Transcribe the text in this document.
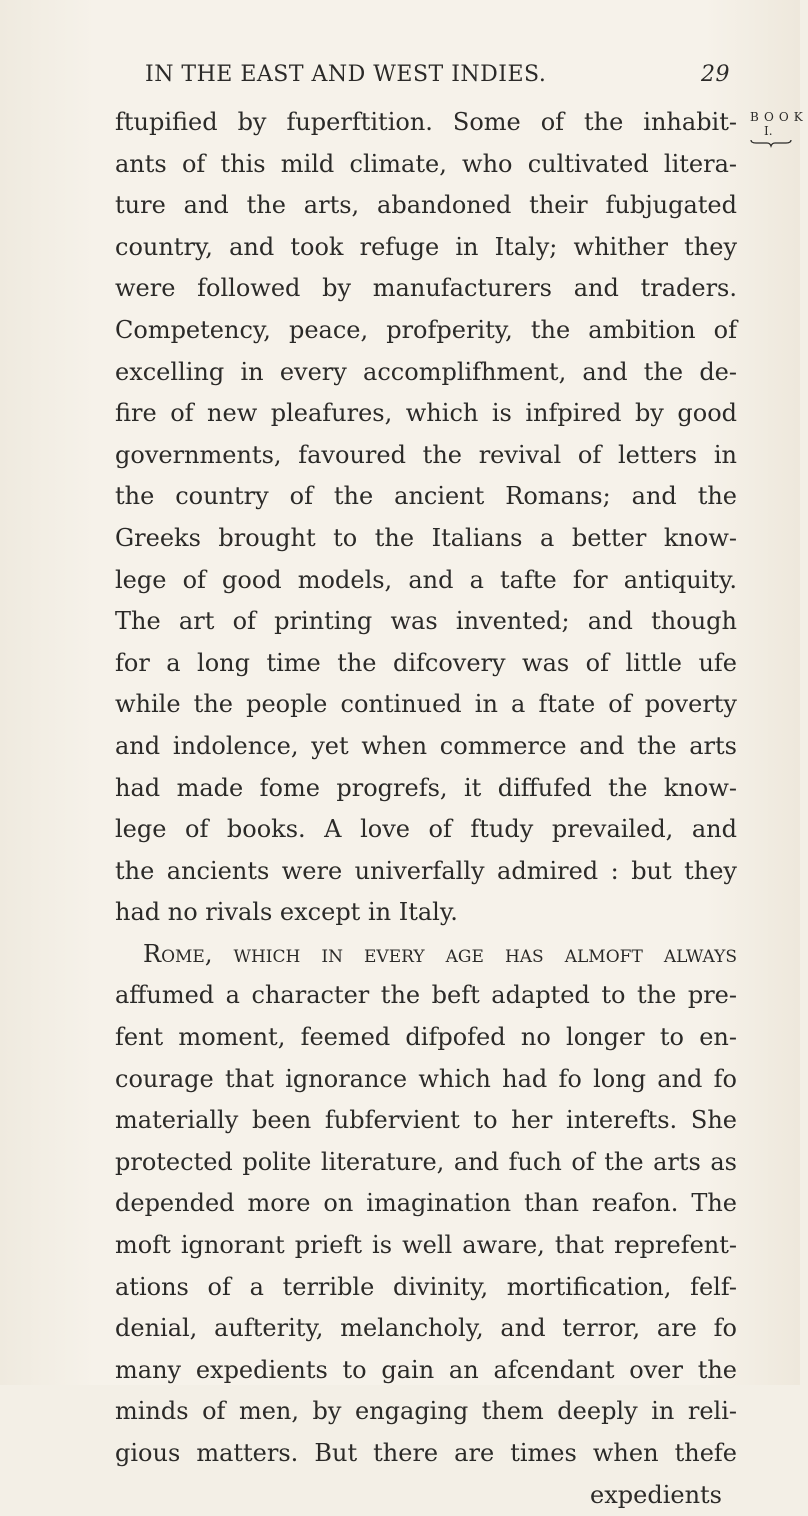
IN THE EAST AND WEST INDIES.	29
BOOK
I.
ftupified by fuperftition. Some of the inhabit-
ants of this mild climate, who cultivated litera-
ture and the arts, abandoned their fubjugated
country, and took refuge in Italy; whither they
were followed by manufacturers and traders.
Competency, peace, profperity, the ambition of
excelling in every accomplifhment, and the de-
fire of new pleafures, which is infpired by good
governments, favoured the revival of letters in
the country of the ancient Romans; and the
Greeks brought to the Italians a better know-
lege of good models, and a tafte for antiquity.
The art of printing was invented; and though
for a long time the difcovery was of little ufe
while the people continued in a ftate of poverty
and indolence, yet when commerce and the arts
had made fome progrefs, it diffufed the know-
lege of books. A love of ftudy prevailed, and
the ancients were univerfally admired : but they
had no rivals except in Italy.
Rome, which in every age has almoft always
affumed a character the beft adapted to the pre-
fent moment, feemed difpofed no longer to en-
courage that ignorance which had fo long and fo
materially been fubfervient to her interefts. She
protected polite literature, and fuch of the arts as
depended more on imagination than reafon. The
moft ignorant prieft is well aware, that reprefent-
ations of a terrible divinity, mortification, felf-
denial, aufterity, melancholy, and terror, are fo
many expedients to gain an afcendant over the
minds of men, by engaging them deeply in reli-
gious matters. But there are times when thefe
expedients
